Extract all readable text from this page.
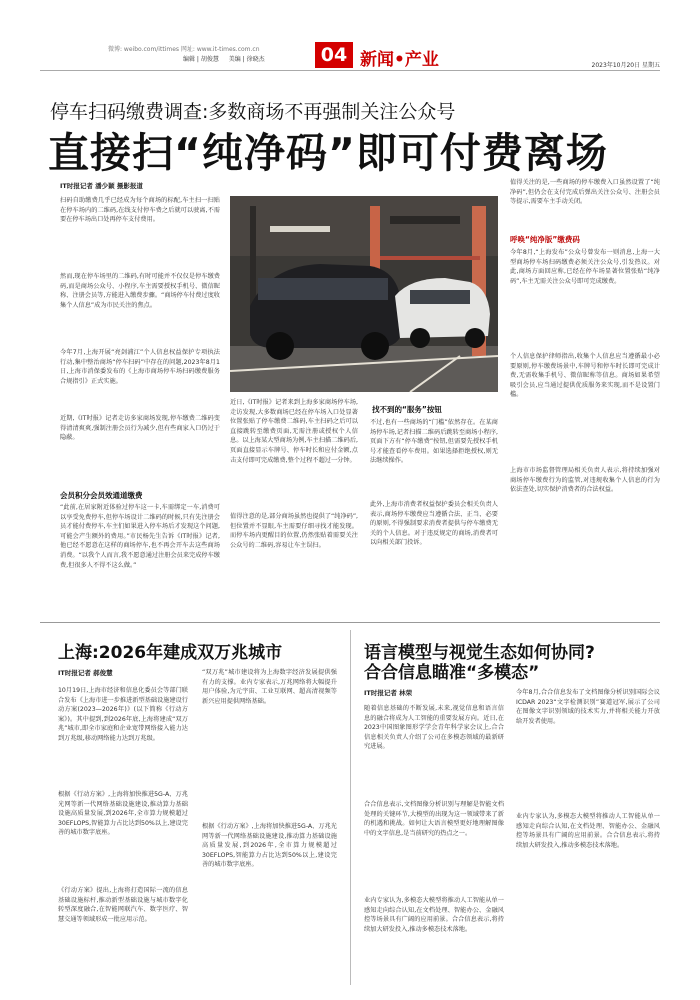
微博: weibo.com/ittimes 网址: www.it-times.com.cn
编辑 | 胡俊慧 美编 | 徐晓杰	04 新闻•产业	2023年10月20日 星期五
停车扫码缴费调查:多数商场不再强制关注公众号
直接扫“纯净码”即可付费离场
IT时报记者 潘少颖 摄影报道
扫码自助缴费几乎已经成为每个商场的标配,车主扫一扫贴在停车场内的二维码,在线支付停车费之后就可以驶离,不需要在停车场出口处再停车支付费用。
然而,现在停车场里的二维码,有时可能并不仅仅是停车缴费码,而是商场公众号、小程序,车主需要授权手机号、微信昵称、注册会员等,方能进入缴费步骤。“商场停车付费过度收集个人信息”成为市民关注的焦点。
今年7月,上海开展“亮剑浦江”个人信息权益保护专项执法行动,集中整治商场“停车扫码”中存在的问题,2023年8月1日,上海市消保委发布的《上海市商场停车场扫码缴费服务合规指引》正式实施。
近期,《IT时报》记者走访多家商场发现,停车缴费二维码变得清清爽爽,强制注册会员行为减少,但有些商家入口仍过于隐蔽。
会员积分会员效通道缴费
“此前,在居家附近体验过停车这一卡,车需绑定一车,消费可以享受免费停车,但停车场设计二维码的时候,只有先注册会员才能付费停车,车主们如果进入停车场后才发现这个问题,可能会产生额外的费用。”市民杨先生告诉《IT时报》记者,他已经不愿意在这样的商场停车,也不再会开车去这些商场消费。“以我个人而言,我不愿意通过注册会员来完成停车缴费,但很多人不得不这么做。”
近日,《IT时报》记者来到上海多家商场停车场,走访发现,大多数商场已经在停车场入口处显著位置张贴了停车缴费二维码,车主扫码之后可以直接跳转至缴费页面,无需注册或授权个人信息。以上海某大型商场为例,车主扫描二维码后,页面直接显示车牌号、停车时长和应付金额,点击支付即可完成缴费,整个过程不超过一分钟。
值得注意的是,部分商场虽然也提供了“纯净码”,但位置并不显眼,车主需要仔细寻找才能发现。而停车场内更醒目的位置,仍然张贴着需要关注公众号的二维码,容易让车主误扫。
找不到的“服务”按钮
不过,也有一些商场的“门槛”依然存在。在某商场停车场,记者扫描二维码后跳转至商场小程序,页面下方有“停车缴费”按钮,但需要先授权手机号才能查看停车费用。如果选择拒绝授权,则无法继续操作。
此外,上海市消费者权益保护委员会相关负责人表示,商场停车缴费应当遵循合法、正当、必要的原则,不得强制要求消费者提供与停车缴费无关的个人信息。对于违反规定的商场,消费者可以向相关部门投诉。
值得关注的是,一些商场的停车缴费入口虽然设置了“纯净码”,但仍会在支付完成后弹出关注公众号、注册会员等提示,需要车主手动关闭。
呼唤“纯净版”缴费码
今年8月,“上海发布”公众号曾发布一则消息,上海一大型商场停车场扫码缴费必须关注公众号,引发热议。对此,商场方面回应称,已经在停车场显著位置张贴“纯净码”,车主无需关注公众号即可完成缴费。
个人信息保护律师指出,收集个人信息应当遵循最小必要原则,停车缴费场景中,车牌号和停车时长即可完成计费,无需收集手机号、微信昵称等信息。商场如果希望吸引会员,应当通过提供优质服务来实现,而不是设置门槛。
上海市市场监督管理局相关负责人表示,将持续加强对商场停车缴费行为的监管,对违规收集个人信息的行为依法查处,切实保护消费者的合法权益。
上海:2026年建成双万兆城市
IT时报记者 郝俊慧
10月19日,上海市经济和信息化委员会等部门联合发布《上海市进一步推进新型基础设施建设行动方案(2023—2026年)》(以下简称《行动方案》)。其中提到,到2026年底,上海将建成“双万兆”城市,即全市家庭和企业宽带网络接入能力达到万兆级,移动网络能力达到万兆级。
根据《行动方案》,上海将加快推进5G-A、万兆光网等新一代网络基础设施建设,推动算力基础设施高质量发展,到2026年,全市算力规模超过30EFLOPS,智能算力占比达到50%以上,建设完善的城市数字底座。
《行动方案》提出,上海将打造国际一流的信息基础设施标杆,推动新型基础设施与城市数字化转型深度融合,在智能网联汽车、数字医疗、智慧交通等领域形成一批应用示范。
“双万兆”城市建设将为上海数字经济发展提供强有力的支撑。业内专家表示,万兆网络将大幅提升用户体验,为元宇宙、工业互联网、超高清视频等新兴应用提供网络基础。
根据《行动方案》,上海将加快推进5G-A、万兆光网等新一代网络基础设施建设,推动算力基础设施高质量发展,到2026年,全市算力规模超过30EFLOPS,智能算力占比达到50%以上,建设完善的城市数字底座。
语言模型与视觉生态如何协同?
合合信息瞄准“多模态”
IT时报记者 林荣
随着信息基础的不断发展,未来,视觉信息和语言信息的融合将成为人工智能的重要发展方向。近日,在2023中国图象图形学学会青年科学家会议上,合合信息相关负责人介绍了公司在多模态领域的最新研究进展。
合合信息表示,文档图像分析识别与理解是智能文档处理的关键环节,大模型的出现为这一领域带来了新的机遇和挑战。如何让大语言模型更好地理解图像中的文字信息,是当前研究的热点之一。
业内专家认为,多模态大模型将推动人工智能从单一感知走向综合认知,在文档处理、智能办公、金融风控等场景具有广阔的应用前景。合合信息表示,将持续加大研发投入,推动多模态技术落地。
今年8月,合合信息发布了文档图像分析识别国际会议ICDAR 2023“文字检测识别”赛道冠军,展示了公司在图像文字识别领域的技术实力,并将相关能力开放给开发者使用。
业内专家认为,多模态大模型将推动人工智能从单一感知走向综合认知,在文档处理、智能办公、金融风控等场景具有广阔的应用前景。合合信息表示,将持续加大研发投入,推动多模态技术落地。
